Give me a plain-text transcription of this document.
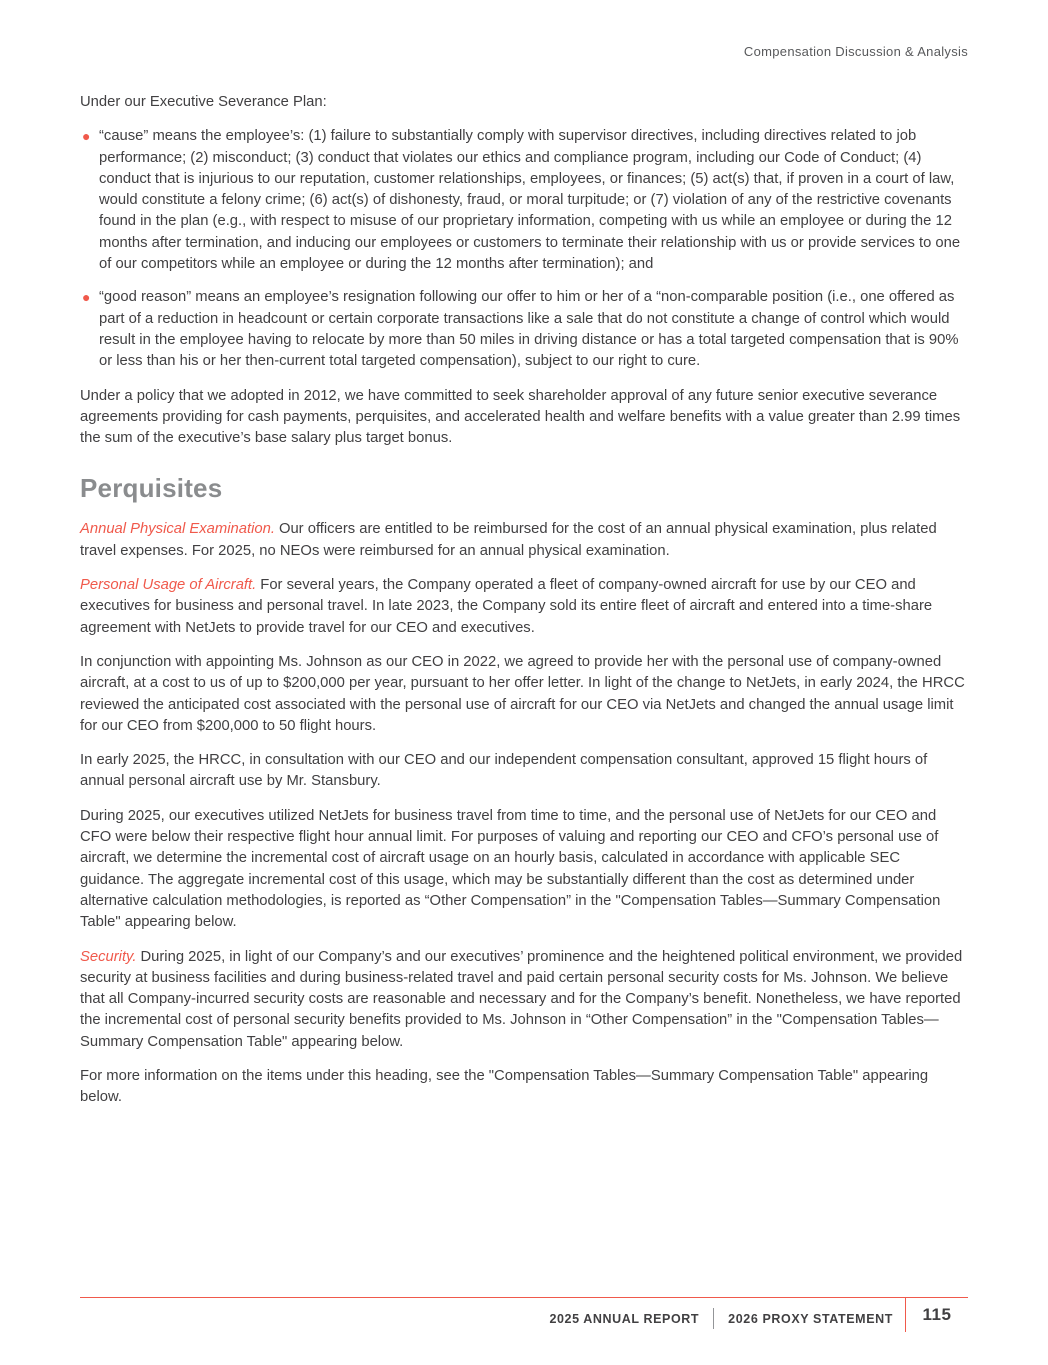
Compensation Discussion & Analysis

Under our Executive Severance Plan:

● “cause” means the employee’s: (1) failure to substantially comply with supervisor directives, including directives related to job performance; (2) misconduct; (3) conduct that violates our ethics and compliance program, including our Code of Conduct; (4) conduct that is injurious to our reputation, customer relationships, employees, or finances; (5) act(s) that, if proven in a court of law, would constitute a felony crime; (6) act(s) of dishonesty, fraud, or moral turpitude; or (7) violation of any of the restrictive covenants found in the plan (e.g., with respect to misuse of our proprietary information, competing with us while an employee or during the 12 months after termination, and inducing our employees or customers to terminate their relationship with us or provide services to one of our competitors while an employee or during the 12 months after termination); and
● “good reason” means an employee’s resignation following our offer to him or her of a “non-comparable position (i.e., one offered as part of a reduction in headcount or certain corporate transactions like a sale that do not constitute a change of control which would result in the employee having to relocate by more than 50 miles in driving distance or has a total targeted compensation that is 90% or less than his or her then-current total targeted compensation), subject to our right to cure.

Under a policy that we adopted in 2012, we have committed to seek shareholder approval of any future senior executive severance agreements providing for cash payments, perquisites, and accelerated health and welfare benefits with a value greater than 2.99 times the sum of the executive’s base salary plus target bonus.

Perquisites

Annual Physical Examination. Our officers are entitled to be reimbursed for the cost of an annual physical examination, plus related travel expenses. For 2025, no NEOs were reimbursed for an annual physical examination.

Personal Usage of Aircraft. For several years, the Company operated a fleet of company-owned aircraft for use by our CEO and executives for business and personal travel. In late 2023, the Company sold its entire fleet of aircraft and entered into a time-share agreement with NetJets to provide travel for our CEO and executives.

In conjunction with appointing Ms. Johnson as our CEO in 2022, we agreed to provide her with the personal use of company-owned aircraft, at a cost to us of up to $200,000 per year, pursuant to her offer letter. In light of the change to NetJets, in early 2024, the HRCC reviewed the anticipated cost associated with the personal use of aircraft for our CEO via NetJets and changed the annual usage limit for our CEO from $200,000 to 50 flight hours.

In early 2025, the HRCC, in consultation with our CEO and our independent compensation consultant, approved 15 flight hours of annual personal aircraft use by Mr. Stansbury.

During 2025, our executives utilized NetJets for business travel from time to time, and the personal use of NetJets for our CEO and CFO were below their respective flight hour annual limit. For purposes of valuing and reporting our CEO and CFO’s personal use of aircraft, we determine the incremental cost of aircraft usage on an hourly basis, calculated in accordance with applicable SEC guidance. The aggregate incremental cost of this usage, which may be substantially different than the cost as determined under alternative calculation methodologies, is reported as “Other Compensation” in the "Compensation Tables—Summary Compensation Table" appearing below.

Security. During 2025, in light of our Company’s and our executives’ prominence and the heightened political environment, we provided security at business facilities and during business-related travel and paid certain personal security costs for Ms. Johnson. We believe that all Company-incurred security costs are reasonable and necessary and for the Company’s benefit. Nonetheless, we have reported the incremental cost of personal security benefits provided to Ms. Johnson in “Other Compensation” in the "Compensation Tables—Summary Compensation Table" appearing below.

For more information on the items under this heading, see the "Compensation Tables—Summary Compensation Table" appearing below.

2025 ANNUAL REPORT 2026 PROXY STATEMENT	115
